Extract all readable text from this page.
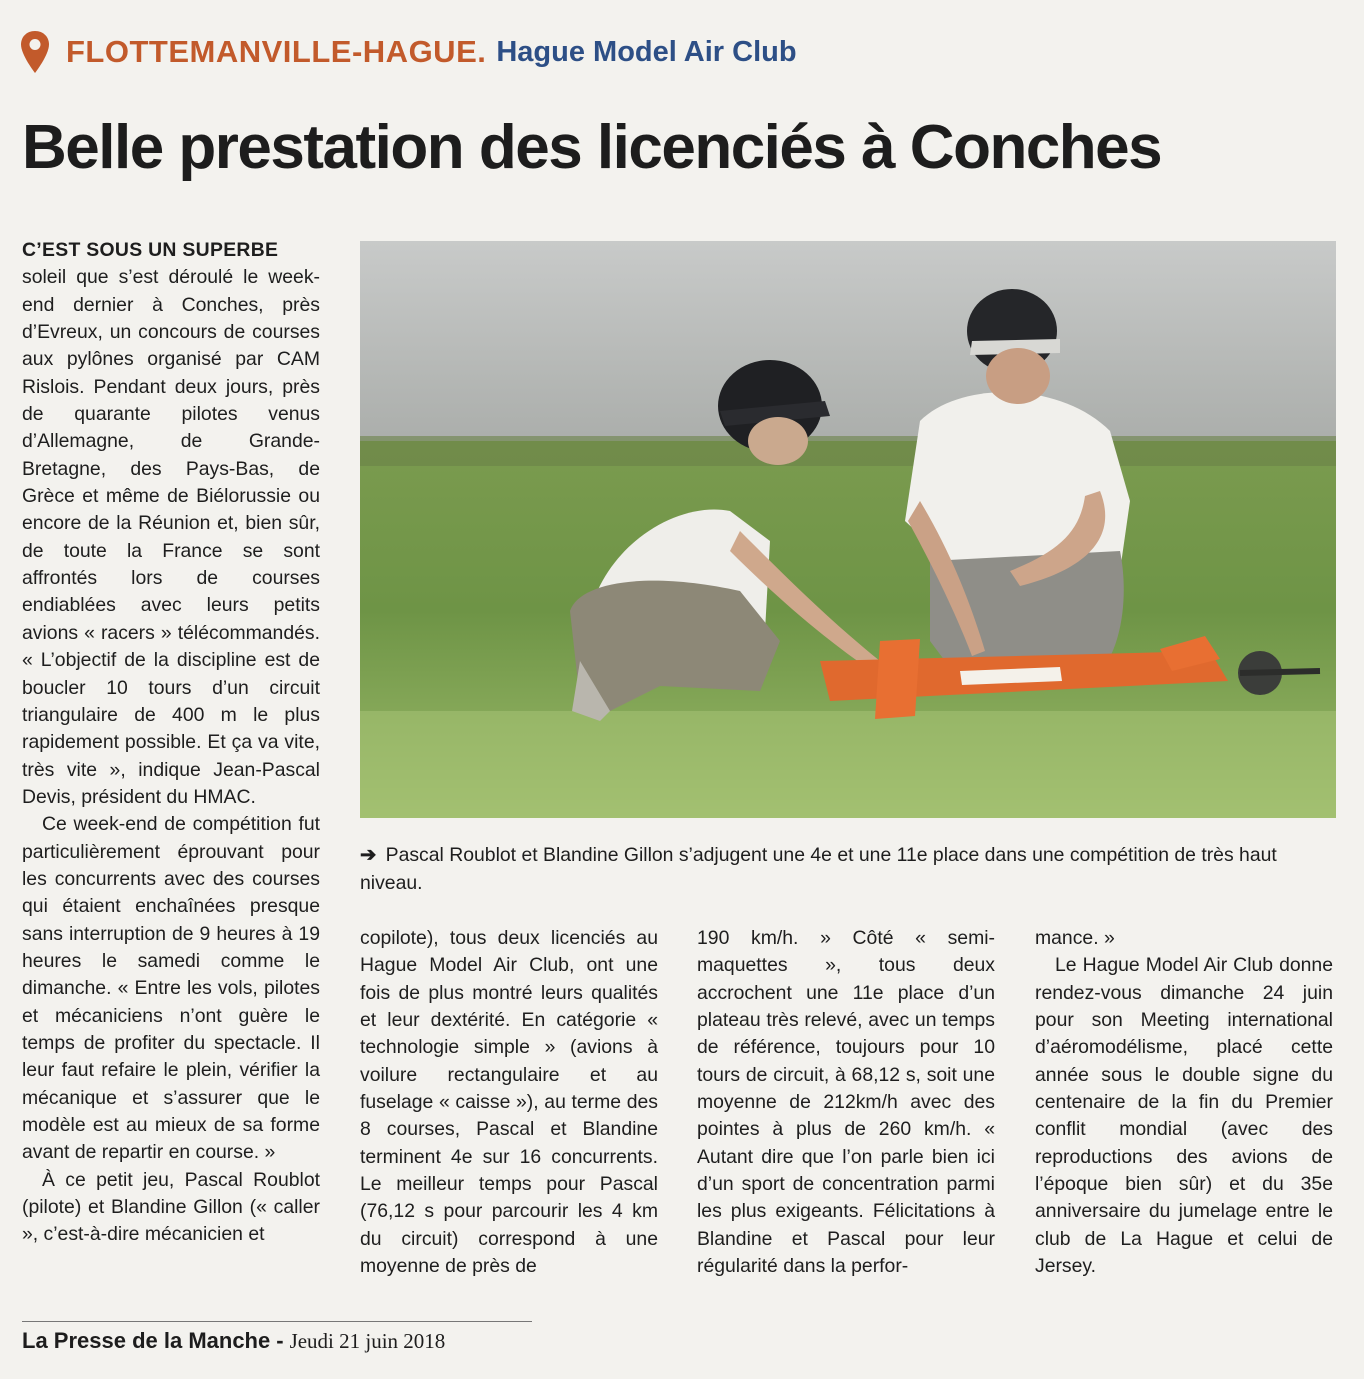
FLOTTEMANVILLE-HAGUE. Hague Model Air Club
Belle prestation des licenciés à Conches
C’EST SOUS UN SUPERBE

soleil que s’est déroulé le week-end dernier à Conches, près d’Evreux, un concours de courses aux pylônes organisé par CAM Rislois. Pendant deux jours, près de quarante pilotes venus d’Allemagne, de Grande-Bretagne, des Pays-Bas, de Grèce et même de Biélorussie ou encore de la Réunion et, bien sûr, de toute la France se sont affrontés lors de courses endiablées avec leurs petits avions « racers » télécommandés. « L’objectif de la discipline est de boucler 10 tours d’un circuit triangulaire de 400 m le plus rapidement possible. Et ça va vite, très vite », indique Jean-Pascal Devis, président du HMAC.

Ce week-end de compétition fut particulièrement éprouvant pour les concurrents avec des courses qui étaient enchaînées presque sans interruption de 9 heures à 19 heures le samedi comme le dimanche. « Entre les vols, pilotes et mécaniciens n’ont guère le temps de profiter du spectacle. Il leur faut refaire le plein, vérifier la mécanique et s’assurer que le modèle est au mieux de sa forme avant de repartir en course. »

À ce petit jeu, Pascal Roublot (pilote) et Blandine Gillon (« caller », c’est-à-dire mécanicien et

➔ Pascal Roublot et Blandine Gillon s’adjugent une 4e et une 11e place dans une compétition de très haut niveau.

copilote), tous deux licenciés au Hague Model Air Club, ont une fois de plus montré leurs qualités et leur dextérité. En catégorie « technologie simple » (avions à voilure rectangulaire et au fuselage « caisse »), au terme des 8 courses, Pascal et Blandine terminent 4e sur 16 concurrents. Le meilleur temps pour Pascal (76,12 s pour parcourir les 4 km du circuit) correspond à une moyenne de près de

190 km/h. » Côté « semi-maquettes », tous deux accrochent une 11e place d’un plateau très relevé, avec un temps de référence, toujours pour 10 tours de circuit, à 68,12 s, soit une moyenne de 212km/h avec des pointes à plus de 260 km/h. « Autant dire que l’on parle bien ici d’un sport de concentration parmi les plus exigeants. Félicitations à Blandine et Pascal pour leur régularité dans la perfor-

mance. »

Le Hague Model Air Club donne rendez-vous dimanche 24 juin pour son Meeting international d’aéromodélisme, placé cette année sous le double signe du centenaire de la fin du Premier conflit mondial (avec des reproductions des avions de l’époque bien sûr) et du 35e anniversaire du jumelage entre le club de La Hague et celui de Jersey.

La Presse de la Manche - Jeudi 21 juin 2018
